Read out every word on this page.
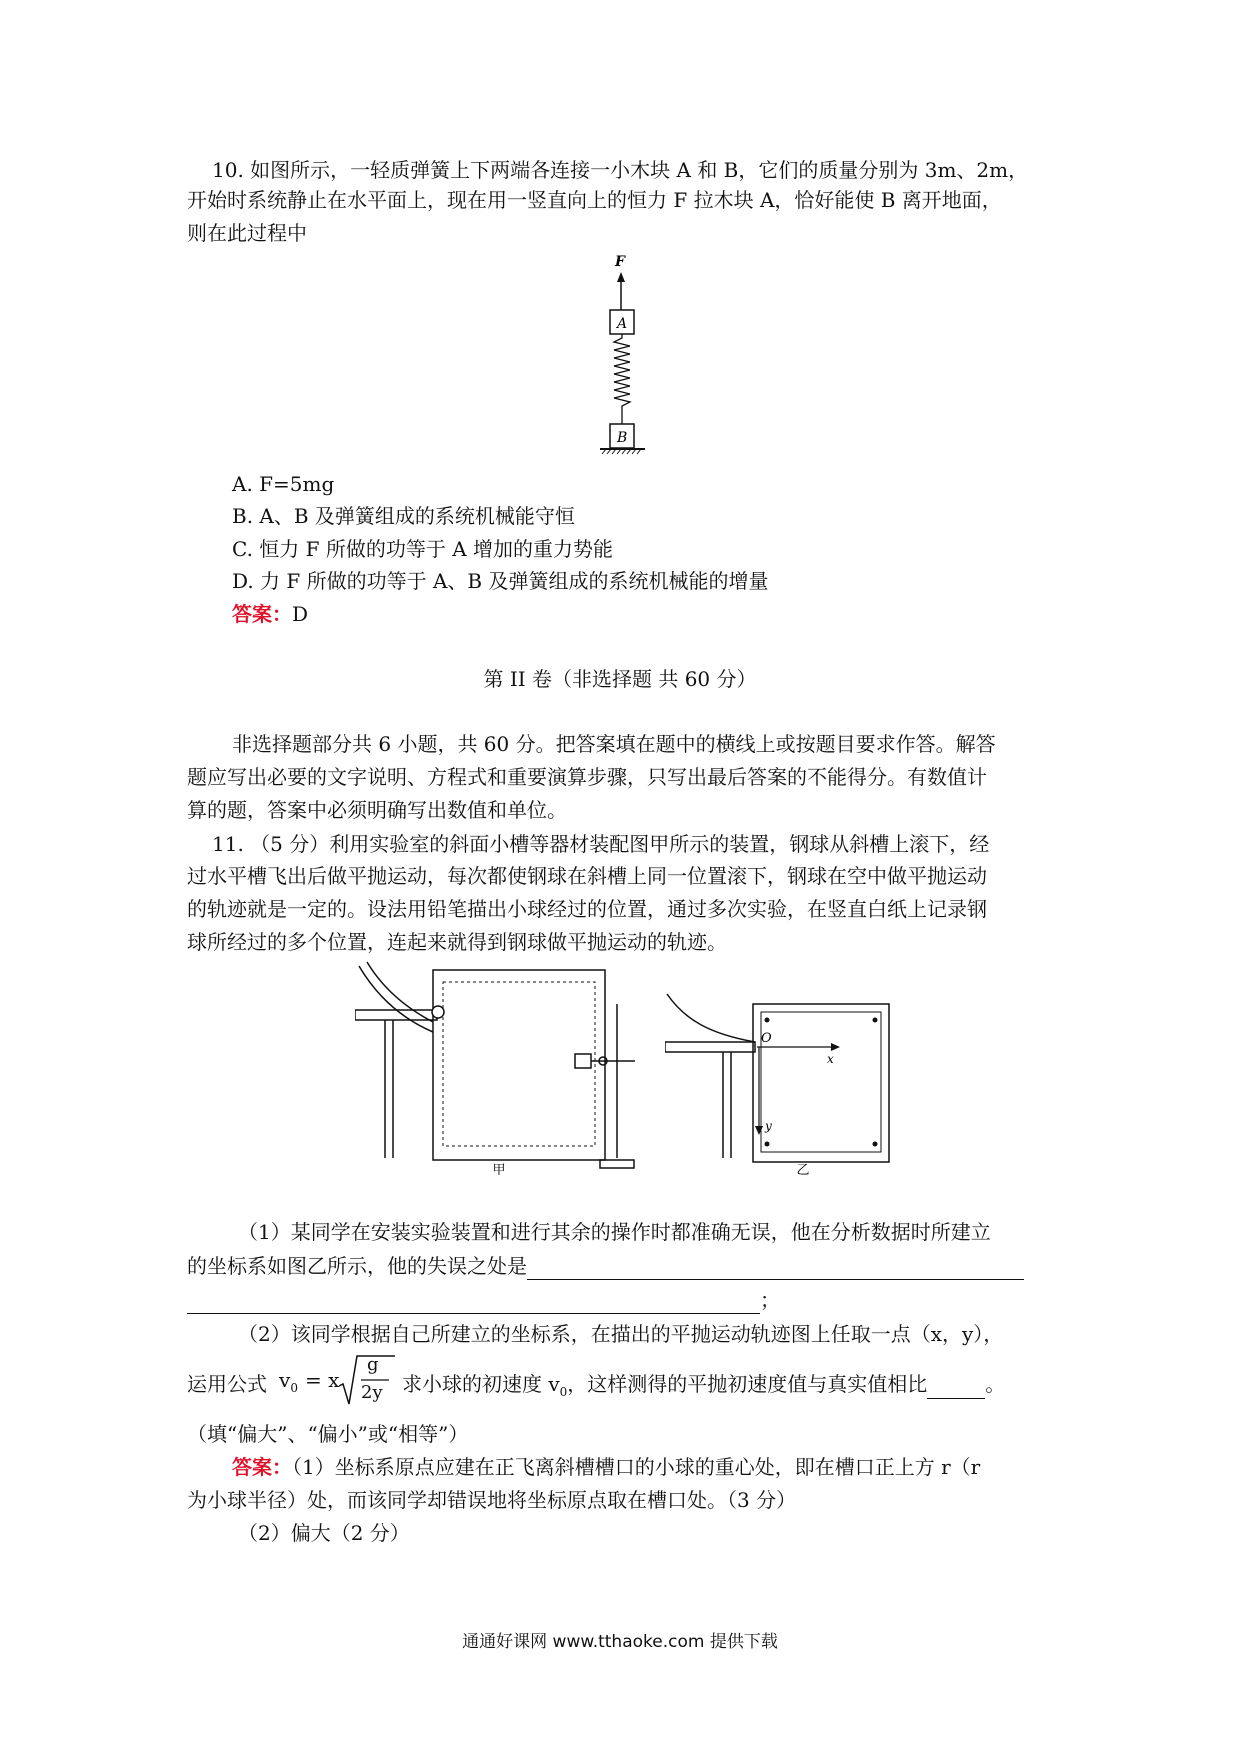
10. 如图所示，一轻质弹簧上下两端各连接一小木块 A 和 B，它们的质量分别为 3m、2m，
开始时系统静止在水平面上，现在用一竖直向上的恒力 F 拉木块 A，恰好能使 B 离开地面，
则在此过程中
F
A
B
A. F=5mg
B. A、B 及弹簧组成的系统机械能守恒
C. 恒力 F 所做的功等于 A 增加的重力势能
D. 力 F 所做的功等于 A、B 及弹簧组成的系统机械能的增量
答案：D
第 II 卷（非选择题 共 60 分）
非选择题部分共 6 小题，共 60 分。把答案填在题中的横线上或按题目要求作答。解答
题应写出必要的文字说明、方程式和重要演算步骤，只写出最后答案的不能得分。有数值计
算的题，答案中必须明确写出数值和单位。
11. （5 分）利用实验室的斜面小槽等器材装配图甲所示的装置，钢球从斜槽上滚下，经
过水平槽飞出后做平抛运动，每次都使钢球在斜槽上同一位置滚下，钢球在空中做平抛运动
的轨迹就是一定的。设法用铅笔描出小球经过的位置，通过多次实验，在竖直白纸上记录钢
球所经过的多个位置，连起来就得到钢球做平抛运动的轨迹。
甲
O
x
y
乙
（1）某同学在安装实验装置和进行其余的操作时都准确无误，他在分析数据时所建立
的坐标系如图乙所示，他的失误之处是
；
（2）该同学根据自己所建立的坐标系，在描出的平抛运动轨迹图上任取一点（x，y），
运用公式 $v_0 = x$
g
2y 求小球的初速度 $v_0$，这样测得的平抛初速度值与真实值相比	。
（填“偏大”、“偏小”或“相等”）
答案：（1）坐标系原点应建在正飞离斜槽槽口的小球的重心处，即在槽口正上方 r（r
为小球半径）处，而该同学却错误地将坐标原点取在槽口处。（3 分）
（2）偏大（2 分）
通通好课网 www.tthaoke.com 提供下载
